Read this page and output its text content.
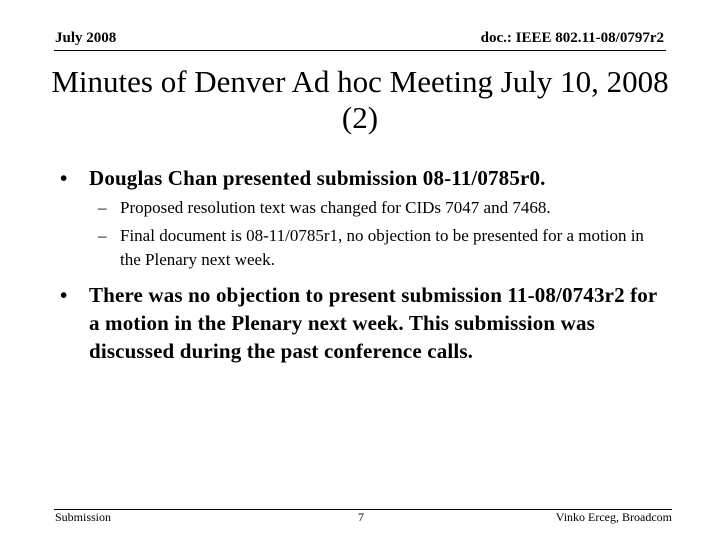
July 2008	doc.: IEEE 802.11-08/0797r2
Minutes of Denver Ad hoc Meeting July 10, 2008 (2)
•	Douglas Chan presented submission 08-11/0785r0.
– Proposed resolution text was changed for CIDs 7047 and 7468.
– Final document is 08-11/0785r1, no objection to be presented for a motion in the Plenary next week.
•	There was no objection to present submission 11-08/0743r2 for a motion in the Plenary next week. This submission was discussed during the past conference calls.
Submission	7	Vinko Erceg, Broadcom
